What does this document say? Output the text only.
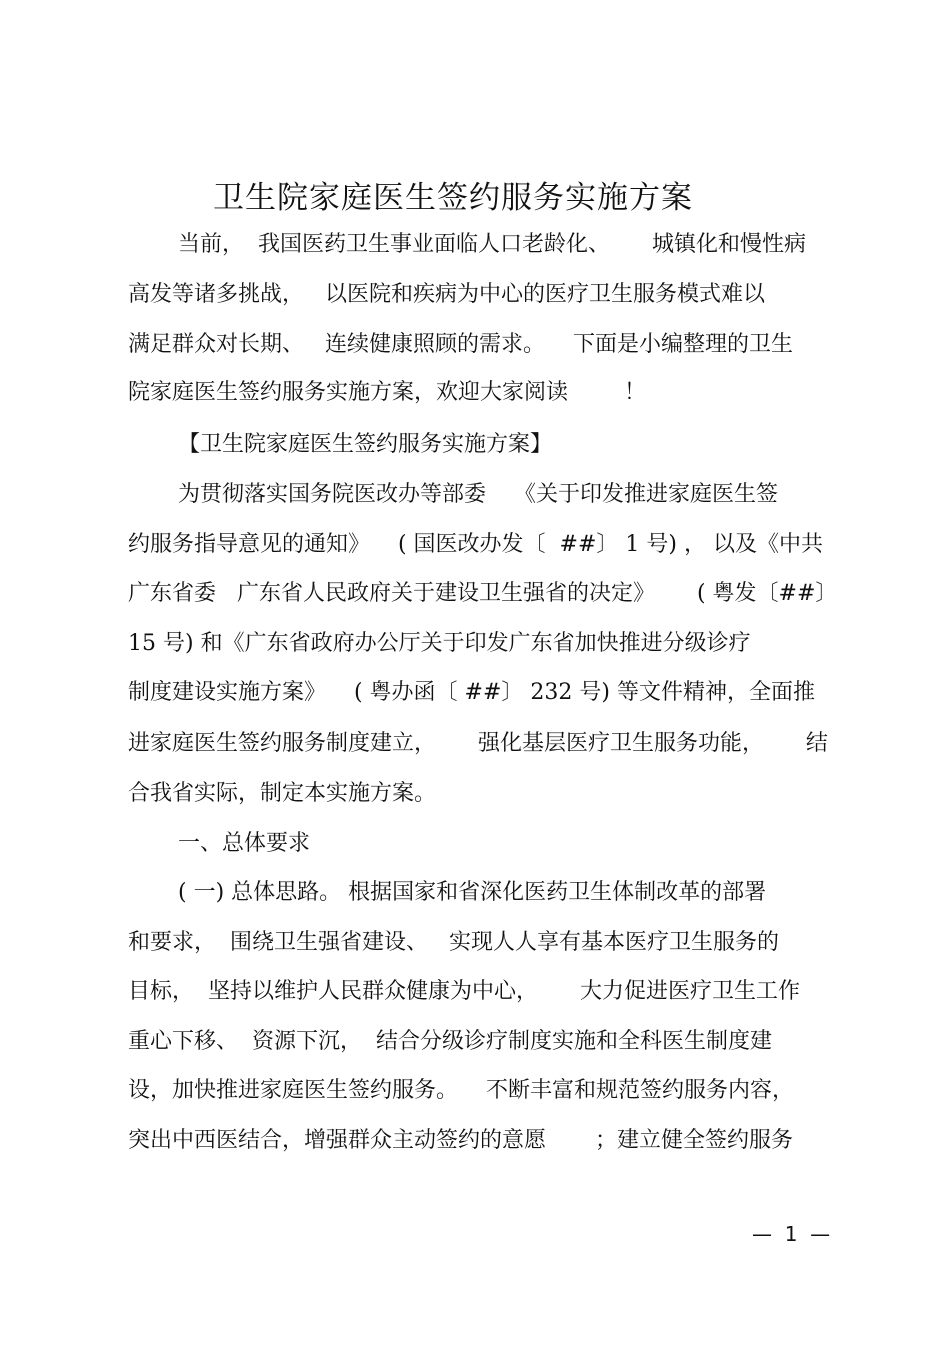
卫生院家庭医生签约服务实施方案
当前，  我国医药卫生事业面临人口老龄化、      城镇化和慢性病
高发等诸多挑战，   以医院和疾病为中心的医疗卫生服务模式难以
满足群众对长期、   连续健康照顾的需求。    下面是小编整理的卫生
院家庭医生签约服务实施方案，欢迎大家阅读        ！
【卫生院家庭医生签约服务实施方案】
为贯彻落实国务院医改办等部委    《关于印发推进家庭医生签
约服务指导意见的通知》    ( 国医改办发〔  ##〕 1 号) ， 以及《中共
广东省委   广东省人民政府关于建设卫生强省的决定》      ( 粤发〔##〕
15 号) 和《广东省政府办公厅关于印发广东省加快推进分级诊疗
制度建设实施方案》    ( 粤办函〔 ##〕 232 号) 等文件精神，全面推
进家庭医生签约服务制度建立，      强化基层医疗卫生服务功能，      结
合我省实际，制定本实施方案。
一、总体要求
( 一) 总体思路。 根据国家和省深化医药卫生体制改革的部署
和要求，  围绕卫生强省建设、   实现人人享有基本医疗卫生服务的
目标，  坚持以维护人民群众健康为中心，      大力促进医疗卫生工作
重心下移、  资源下沉，  结合分级诊疗制度实施和全科医生制度建
设，加快推进家庭医生签约服务。    不断丰富和规范签约服务内容，
突出中西医结合，增强群众主动签约的意愿       ；建立健全签约服务
—  1  —
